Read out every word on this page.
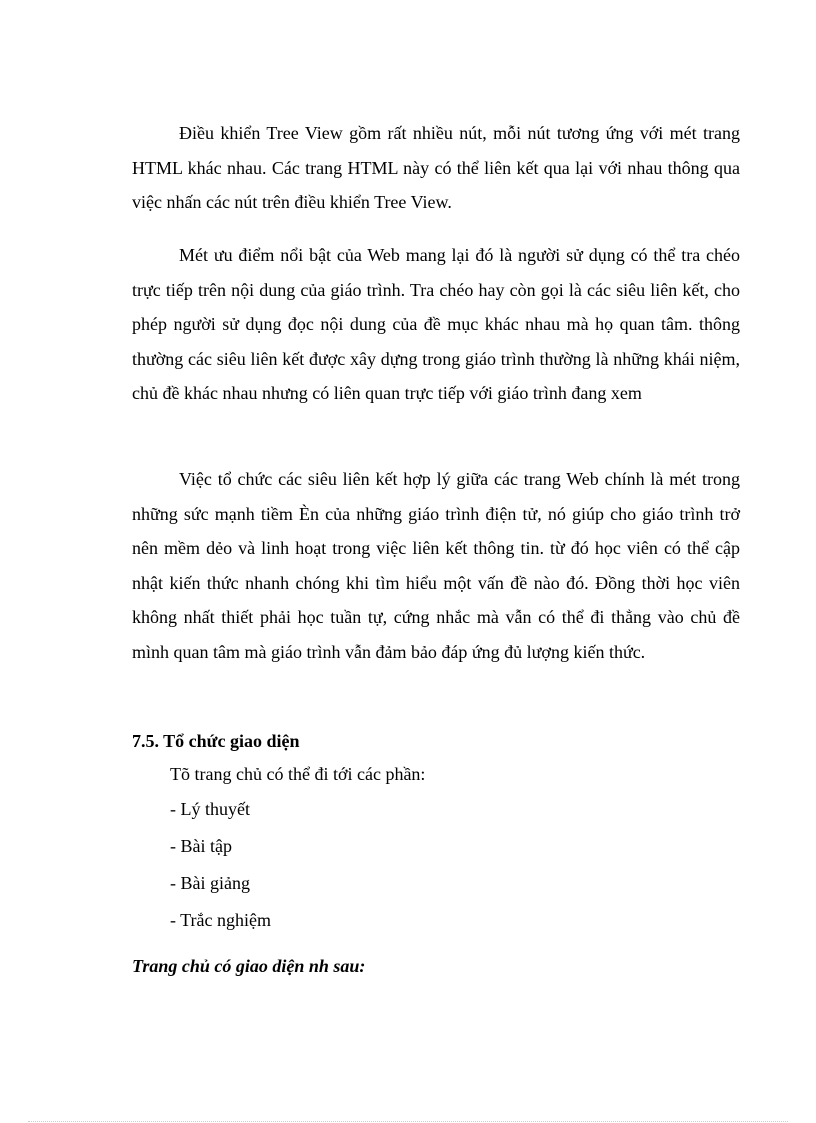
Điều khiển Tree View gồm rất nhiều nút, mỗi nút tương ứng với mét trang HTML khác nhau. Các trang HTML này có thể liên kết qua lại với nhau thông qua việc nhấn các nút trên điều khiển Tree View.

Mét ưu điểm nổi bật của Web mang lại đó là người sử dụng có thể tra chéo trực tiếp trên nội dung của giáo trình. Tra chéo hay còn gọi là các siêu liên kết, cho phép người sử dụng đọc nội dung của đề mục khác nhau mà họ quan tâm. thông thường các siêu liên kết được xây dựng trong giáo trình thường là những khái niệm, chủ đề khác nhau nhưng có liên quan trực tiếp với giáo trình đang xem

Việc tổ chức các siêu liên kết hợp lý giữa các trang Web chính là mét trong những sức mạnh tiềm Èn của những giáo trình điện tử, nó giúp cho giáo trình trở nên mềm dẻo và linh hoạt trong việc liên kết thông tin. từ đó học viên có thể cập nhật kiến thức nhanh chóng khi tìm hiểu một vấn đề nào đó. Đồng thời học viên không nhất thiết phải học tuần tự, cứng nhắc mà vẫn có thể đi thẳng vào chủ đề mình quan tâm mà giáo trình vẫn đảm bảo đáp ứng đủ lượng kiến thức.

7.5. Tổ chức giao diện

Tõ trang chủ có thể đi tới các phần:

- Lý thuyết
- Bài tập
- Bài giảng
- Trắc nghiệm

Trang chủ có giao diện nh sau:
